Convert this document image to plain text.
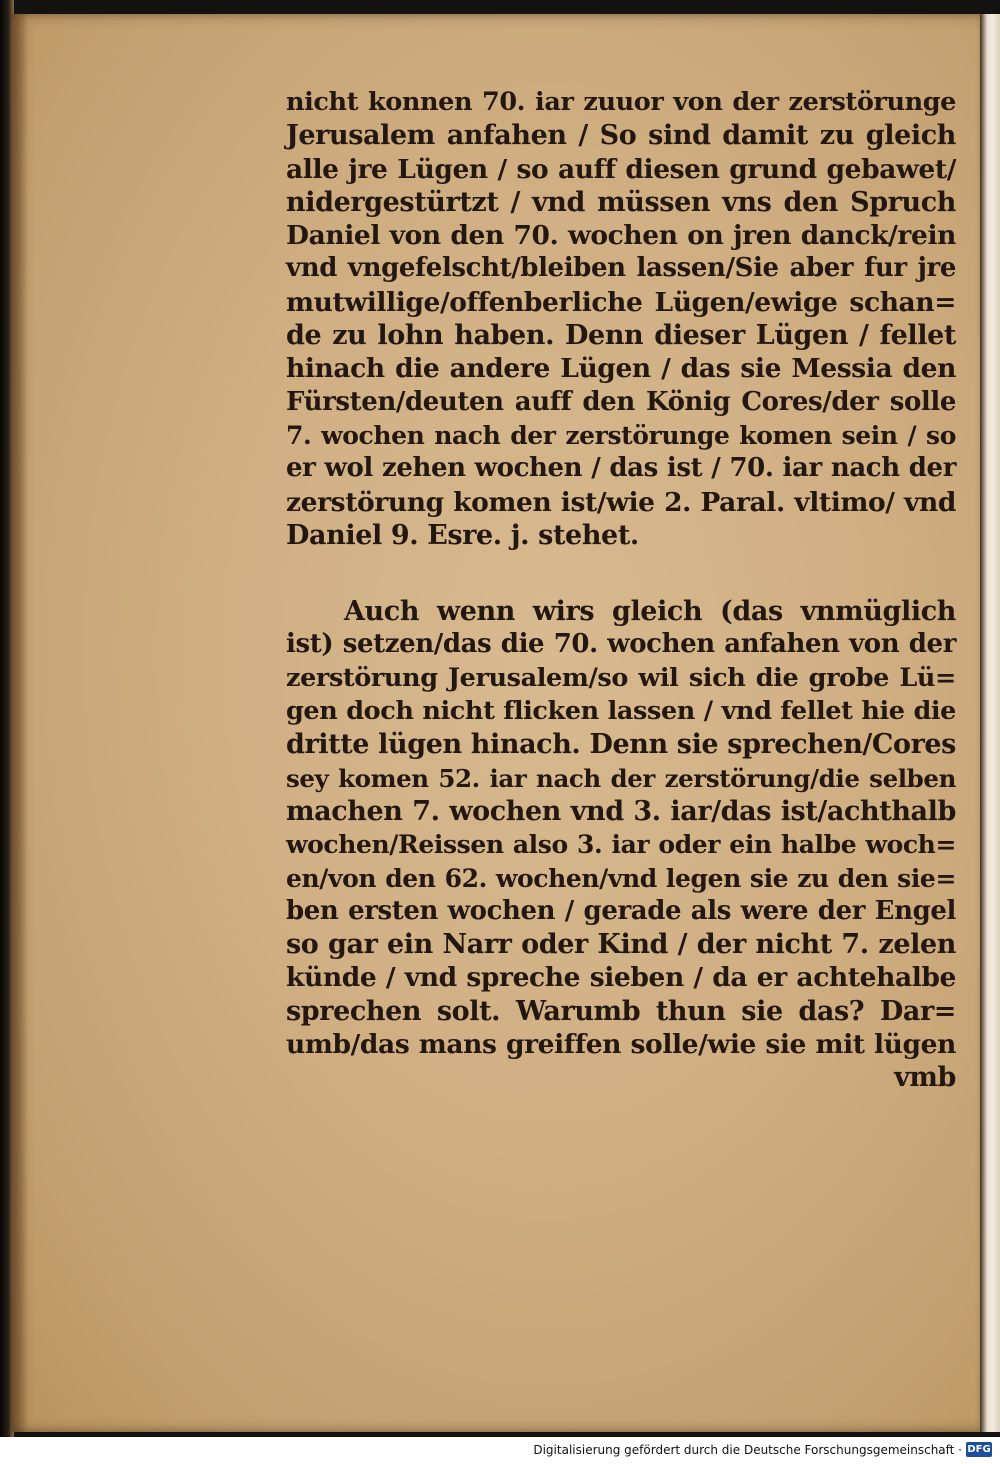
nicht konnen 70. iar zuuor von der zerstörunge
Jerusalem anfahen / So sind damit zu gleich
alle jre Lügen / so auff diesen grund gebawet/
nidergestürtzt / vnd müssen vns den Spruch
Daniel von den 70. wochen on jren danck/rein
vnd vngefelscht/bleiben lassen/Sie aber fur jre
mutwillige/offenberliche Lügen/ewige schan=
de zu lohn haben. Denn dieser Lügen / fellet
hinach die andere Lügen / das sie Messia den
Fürsten/deuten auff den König Cores/der solle
7. wochen nach der zerstörunge komen sein / so
er wol zehen wochen / das ist / 70. iar nach der
zerstörung komen ist/wie 2. Paral. vltimo/ vnd
Daniel 9. Esre. j. stehet.
Auch wenn wirs gleich (das vnmüglich
ist) setzen/das die 70. wochen anfahen von der
zerstörung Jerusalem/so wil sich die grobe Lü=
gen doch nicht flicken lassen / vnd fellet hie die
dritte lügen hinach. Denn sie sprechen/Cores
sey komen 52. iar nach der zerstörung/die selben
machen 7. wochen vnd 3. iar/das ist/achthalb
wochen/Reissen also 3. iar oder ein halbe woch=
en/von den 62. wochen/vnd legen sie zu den sie=
ben ersten wochen / gerade als were der Engel
so gar ein Narr oder Kind / der nicht 7. zelen
künde / vnd spreche sieben / da er achtehalbe
sprechen solt. Warumb thun sie das? Dar=
umb/das mans greiffen solle/wie sie mit lügen
vmb
Digitalisierung gefördert durch die Deutsche Forschungsgemeinschaft · DFG
